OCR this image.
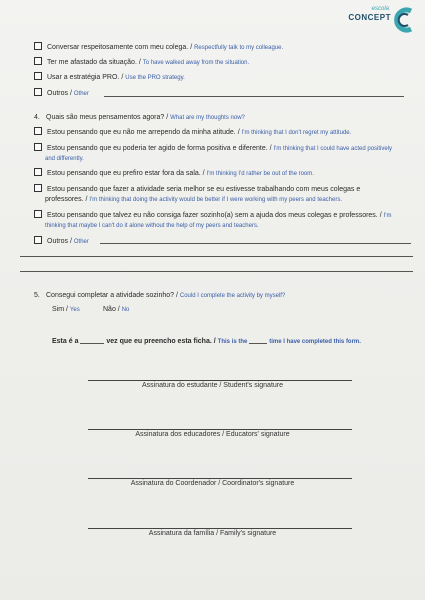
escola
CONCEPT
Conversar respeitosamente com meu colega. / Respectfully talk to my colleague.
Ter me afastado da situação. / To have walked away from the situation.
Usar a estratégia PRO. / Use the PRO strategy.
Outros / Other
4. Quais são meus pensamentos agora? / What are my thoughts now?
Estou pensando que eu não me arrependo da minha atitude. / I'm thinking that I don't regret my attitude.
Estou pensando que eu poderia ter agido de forma positiva e diferente. / I'm thinking that I could have acted positively
and differently.
Estou pensando que eu prefiro estar fora da sala. / I'm thinking I'd rather be out of the room.
Estou pensando que fazer a atividade seria melhor se eu estivesse trabalhando com meus colegas e
professores. / I'm thinking that doing the activity would be better if I were working with my peers and teachers.
Estou pensando que talvez eu não consiga fazer sozinho(a) sem a ajuda dos meus colegas e professores. / I'm
thinking that maybe I can't do it alone without the help of my peers and teachers.
Outros / Other
5. Consegui completar a atividade sozinho? / Could I complete the activity by myself?
Sim / Yes	Não / No
Esta é a	vez que eu preencho esta ficha. / This is the	time I have completed this form.
Assinatura do estudante / Student's signature
Assinatura dos educadores / Educators' signature
Assinatura do Coordenador / Coordinator's signature
Assinatura da família / Family's signature
